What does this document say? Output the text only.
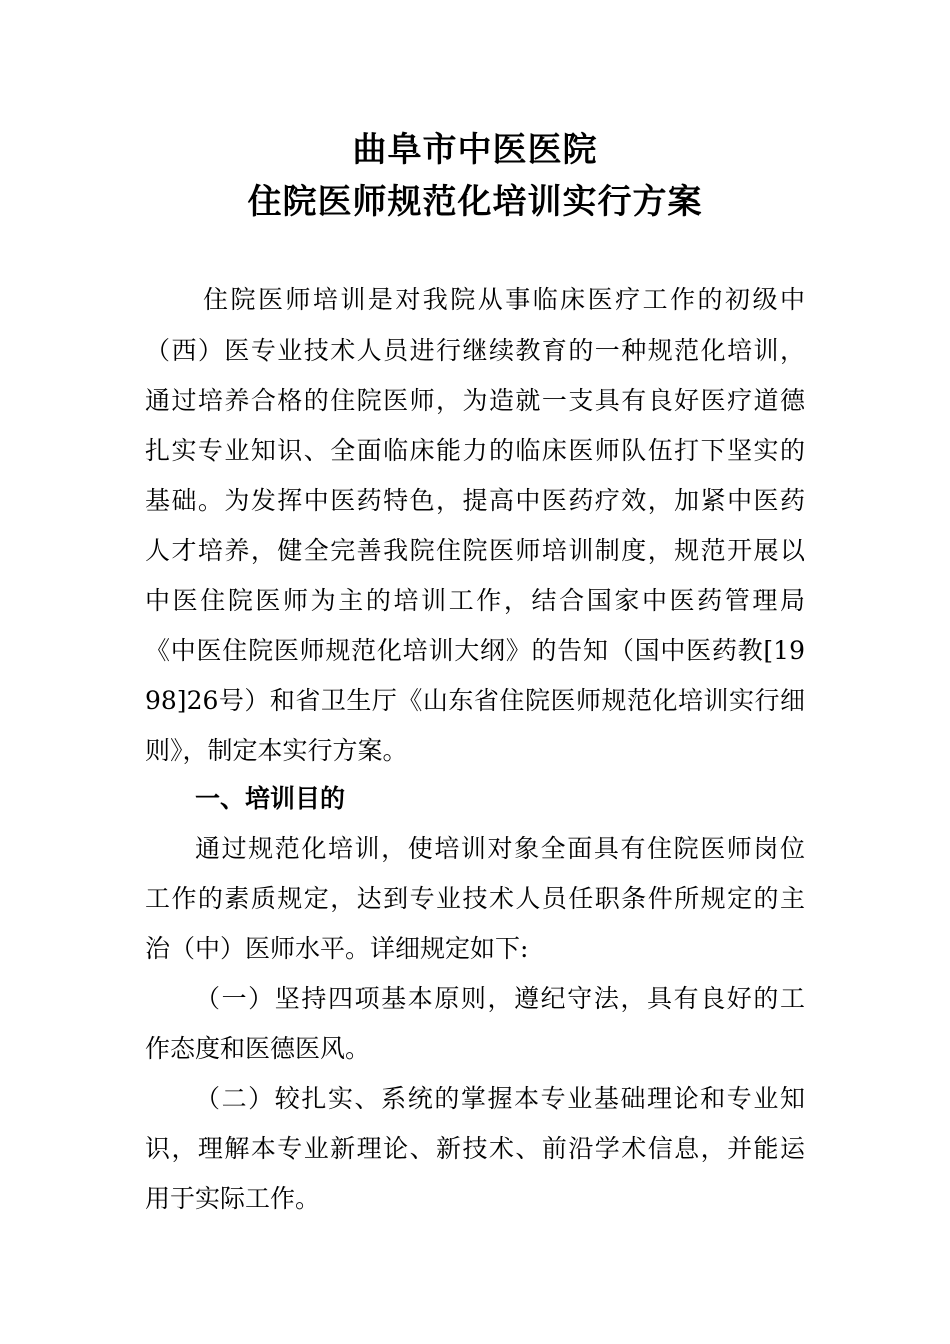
曲阜市中医医院
住院医师规范化培训实行方案
住院医师培训是对我院从事临床医疗工作的初级中
（西）医专业技术人员进行继续教育的一种规范化培训，
通过培养合格的住院医师，为造就一支具有良好医疗道德
扎实专业知识、全面临床能力的临床医师队伍打下坚实的
基础。为发挥中医药特色，提高中医药疗效，加紧中医药
人才培养，健全完善我院住院医师培训制度，规范开展以
中医住院医师为主的培训工作，结合国家中医药管理局
《中医住院医师规范化培训大纲》的告知（国中医药教[19
98]26号）和省卫生厅《山东省住院医师规范化培训实行细
则》，制定本实行方案。
一、培训目的
通过规范化培训，使培训对象全面具有住院医师岗位
工作的素质规定，达到专业技术人员任职条件所规定的主
治（中）医师水平。详细规定如下:
（一）坚持四项基本原则，遵纪守法，具有良好的工
作态度和医德医风。
（二）较扎实、系统的掌握本专业基础理论和专业知
识，理解本专业新理论、新技术、前沿学术信息，并能运
用于实际工作。
